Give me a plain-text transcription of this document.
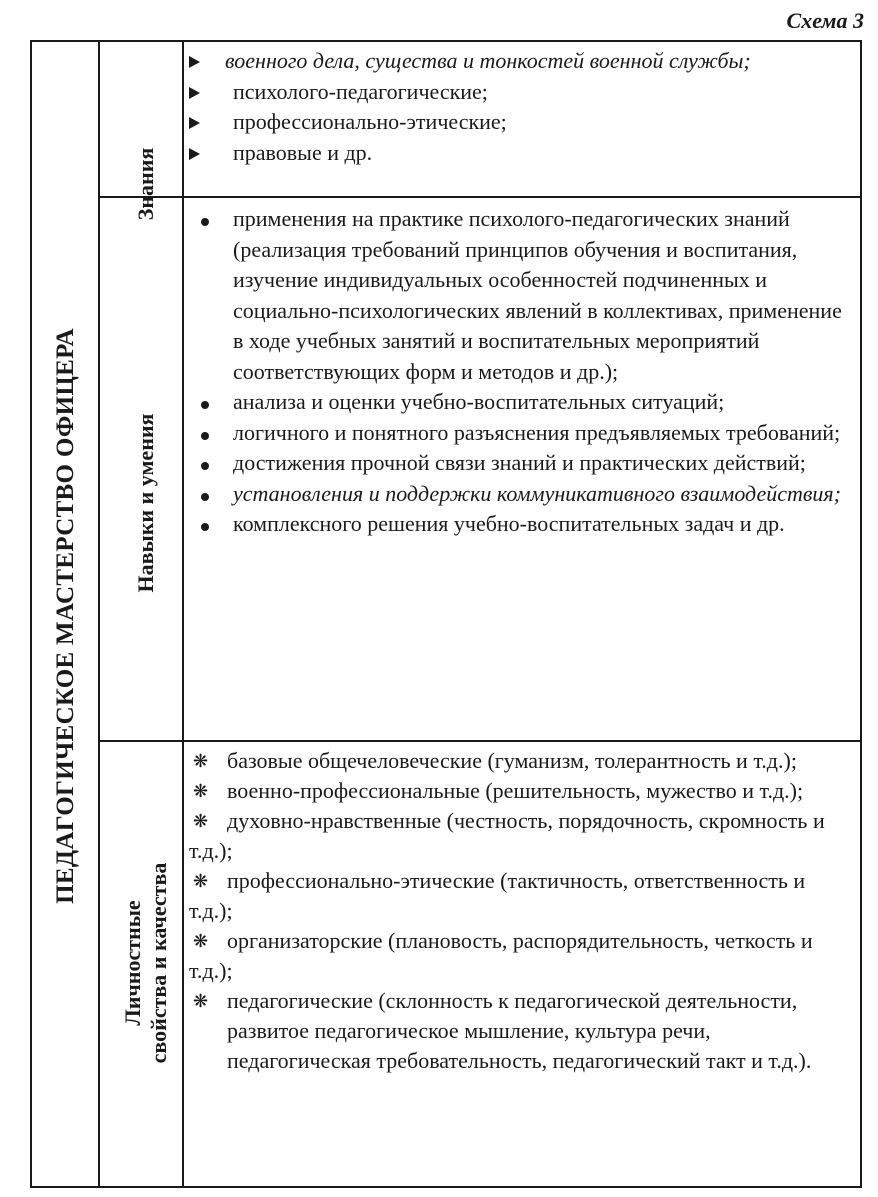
Схема 3
ПЕДАГОГИЧЕСКОЕ МАСТЕРСТВО ОФИЦЕРА
Знания
Навыки и умения
Личностные свойства и качества
военного дела, существа и тонкостей военной службы;
психолого-педагогические;
профессионально-этические;
правовые и др.
применения на практике психолого-педагогических знаний (реализация требований принципов обучения и воспитания, изучение индивидуальных особенностей подчиненных и социально-психологических явлений в коллективах, применение в ходе учебных занятий и воспитательных мероприятий соответствующих форм и методов и др.);
анализа и оценки учебно-воспитательных ситуаций;
логичного и понятного разъяснения предъявляемых требований;
достижения прочной связи знаний и практических действий;
установления и поддержки коммуникативного взаимодействия;
комплексного решения учебно-воспитательных задач и др.
❋ базовые общечеловеческие (гуманизм, толерантность и т.д.);
❋ военно-профессиональные (решительность, мужество и т.д.);
❋ духовно-нравственные (честность, порядочность, скромность и т.д.);
❋ профессионально-этические (тактичность, ответственность и т.д.);
❋ организаторские (плановость, распорядительность, четкость и т.д.);
❋ педагогические (склонность к педагогической деятельности, развитое педагогическое мышление, культура речи, педагогическая требовательность, педагогический такт и т.д.).
